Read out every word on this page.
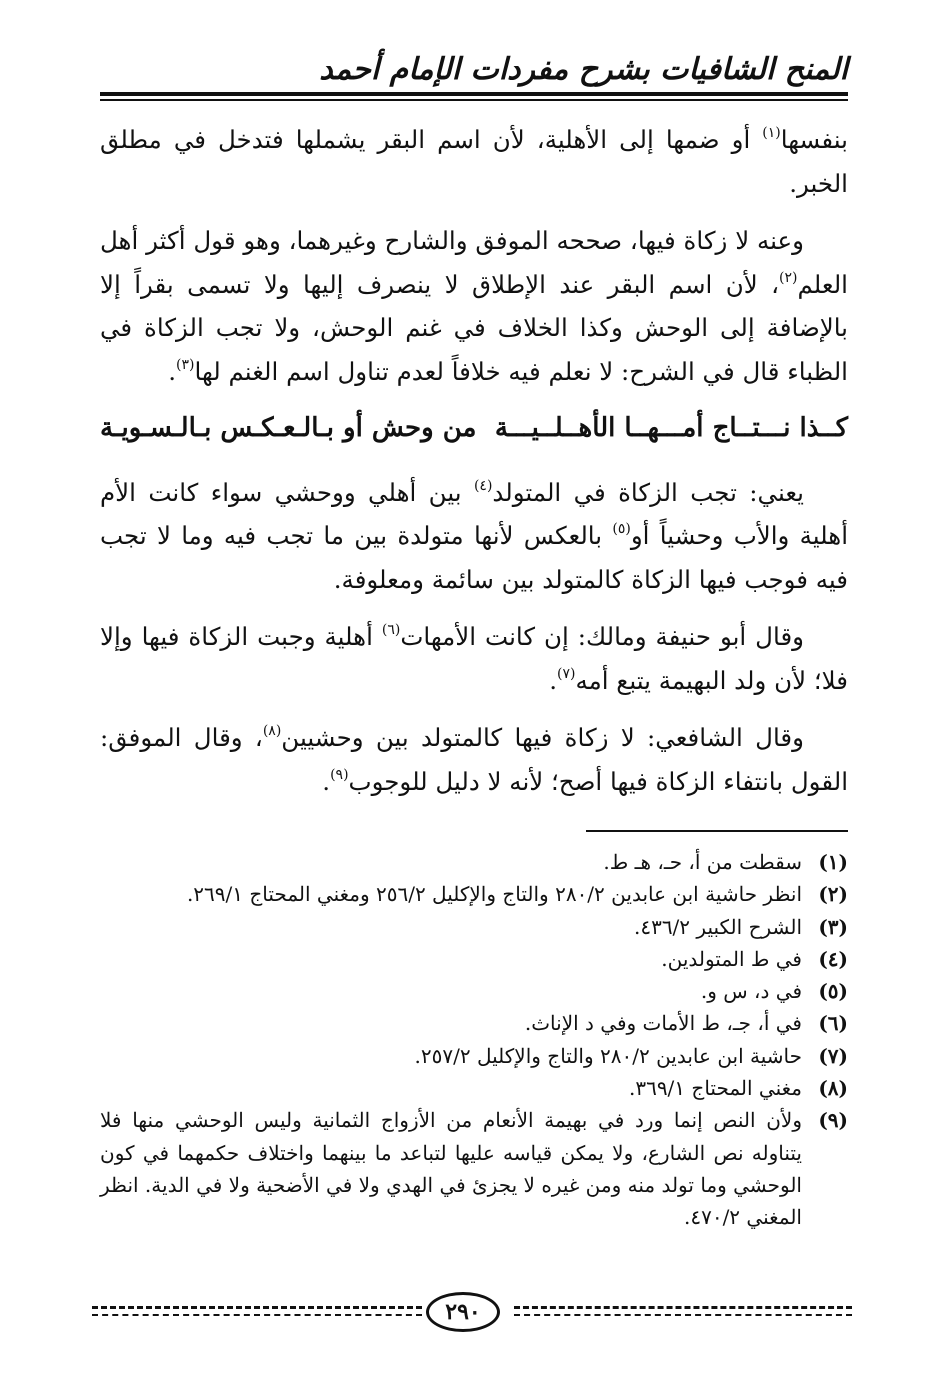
المنح الشافيات بشرح مفردات الإمام أحمد

بنفسها$^{(١)}$ أو ضمها إلى الأهلية، لأن اسم البقر يشملها فتدخل في مطلق الخبر.

وعنه لا زكاة فيها، صححه الموفق والشارح وغيرهما، وهو قول أكثر أهل العلم$^{(٢)}$، لأن اسم البقر عند الإطلاق لا ينصرف إليها ولا تسمى بقراً إلا بالإضافة إلى الوحش وكذا الخلاف في غنم الوحش، ولا تجب الزكاة في الظباء قال في الشرح: لا نعلم فيه خلافاً لعدم تناول اسم الغنم لها$^{(٣)}$.

كــذا نـــتــاج أمـــهــا الأهــلــيـــة
من وحش أو بـالـعـكـس بـالـسـويـة

يعني: تجب الزكاة في المتولد$^{(٤)}$ بين أهلي ووحشي سواء كانت الأم أهلية والأب وحشياً أو$^{(٥)}$ بالعكس لأنها متولدة بين ما تجب فيه وما لا تجب فيه فوجب فيها الزكاة كالمتولد بين سائمة ومعلوفة.

وقال أبو حنيفة ومالك: إن كانت الأمهات$^{(٦)}$ أهلية وجبت الزكاة فيها وإلا فلا؛ لأن ولد البهيمة يتبع أمه$^{(٧)}$.

وقال الشافعي: لا زكاة فيها كالمتولد بين وحشيين$^{(٨)}$، وقال الموفق: القول بانتفاء الزكاة فيها أصح؛ لأنه لا دليل للوجوب$^{(٩)}$.

(١)
سقطت من أ، حـ، هـ ط.
(٢)
انظر حاشية ابن عابدين ٢٨٠/٢ والتاج والإكليل ٢٥٦/٢ ومغني المحتاج ٢٦٩/١.
(٣)
الشرح الكبير ٤٣٦/٢.
(٤)
في ط المتولدين.
(٥)
في د، س و.
(٦)
في أ، جـ، ط الأمات وفي د الإناث.
(٧)
حاشية ابن عابدين ٢٨٠/٢ والتاج والإكليل ٢٥٧/٢.
(٨)
مغني المحتاج ٣٦٩/١.
(٩)
ولأن النص إنما ورد في بهيمة الأنعام من الأزواج الثمانية وليس الوحشي منها فلا يتناوله نص الشارع، ولا يمكن قياسه عليها لتباعد ما بينهما واختلاف حكمهما في كون الوحشي وما تولد منه ومن غيره لا يجزئ في الهدي ولا في الأضحية ولا في الدية. انظر المغني ٤٧٠/٢.
٢٩٠
